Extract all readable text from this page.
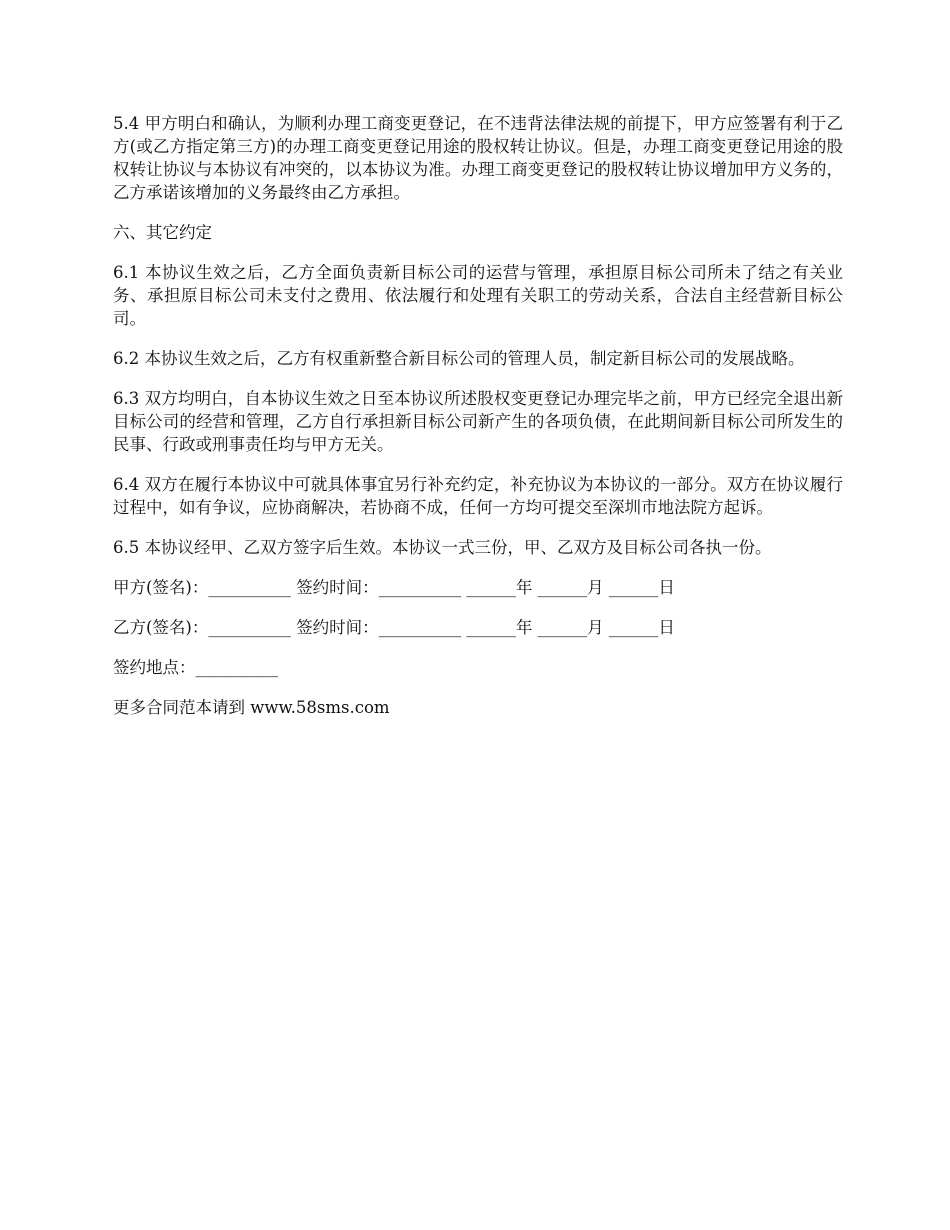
5.4 甲方明白和确认，为顺利办理工商变更登记，在不违背法律法规的前提下，甲方应签署有利于乙方(或乙方指定第三方)的办理工商变更登记用途的股权转让协议。但是，办理工商变更登记用途的股权转让协议与本协议有冲突的，以本协议为准。办理工商变更登记的股权转让协议增加甲方义务的，乙方承诺该增加的义务最终由乙方承担。

六、其它约定

6.1 本协议生效之后，乙方全面负责新目标公司的运营与管理，承担原目标公司所未了结之有关业务、承担原目标公司未支付之费用、依法履行和处理有关职工的劳动关系，合法自主经营新目标公司。

6.2 本协议生效之后，乙方有权重新整合新目标公司的管理人员，制定新目标公司的发展战略。

6.3 双方均明白，自本协议生效之日至本协议所述股权变更登记办理完毕之前，甲方已经完全退出新目标公司的经营和管理，乙方自行承担新目标公司新产生的各项负债，在此期间新目标公司所发生的民事、行政或刑事责任均与甲方无关。

6.4 双方在履行本协议中可就具体事宜另行补充约定，补充协议为本协议的一部分。双方在协议履行过程中，如有争议，应协商解决，若协商不成，任何一方均可提交至深圳市地法院方起诉。

6.5 本协议经甲、乙双方签字后生效。本协议一式三份，甲、乙双方及目标公司各执一份。

甲方(签名)：__________ 签约时间：__________ ______年 ______月 ______日

乙方(签名)：__________ 签约时间：__________ ______年 ______月 ______日

签约地点：__________

更多合同范本请到 www.58sms.com
